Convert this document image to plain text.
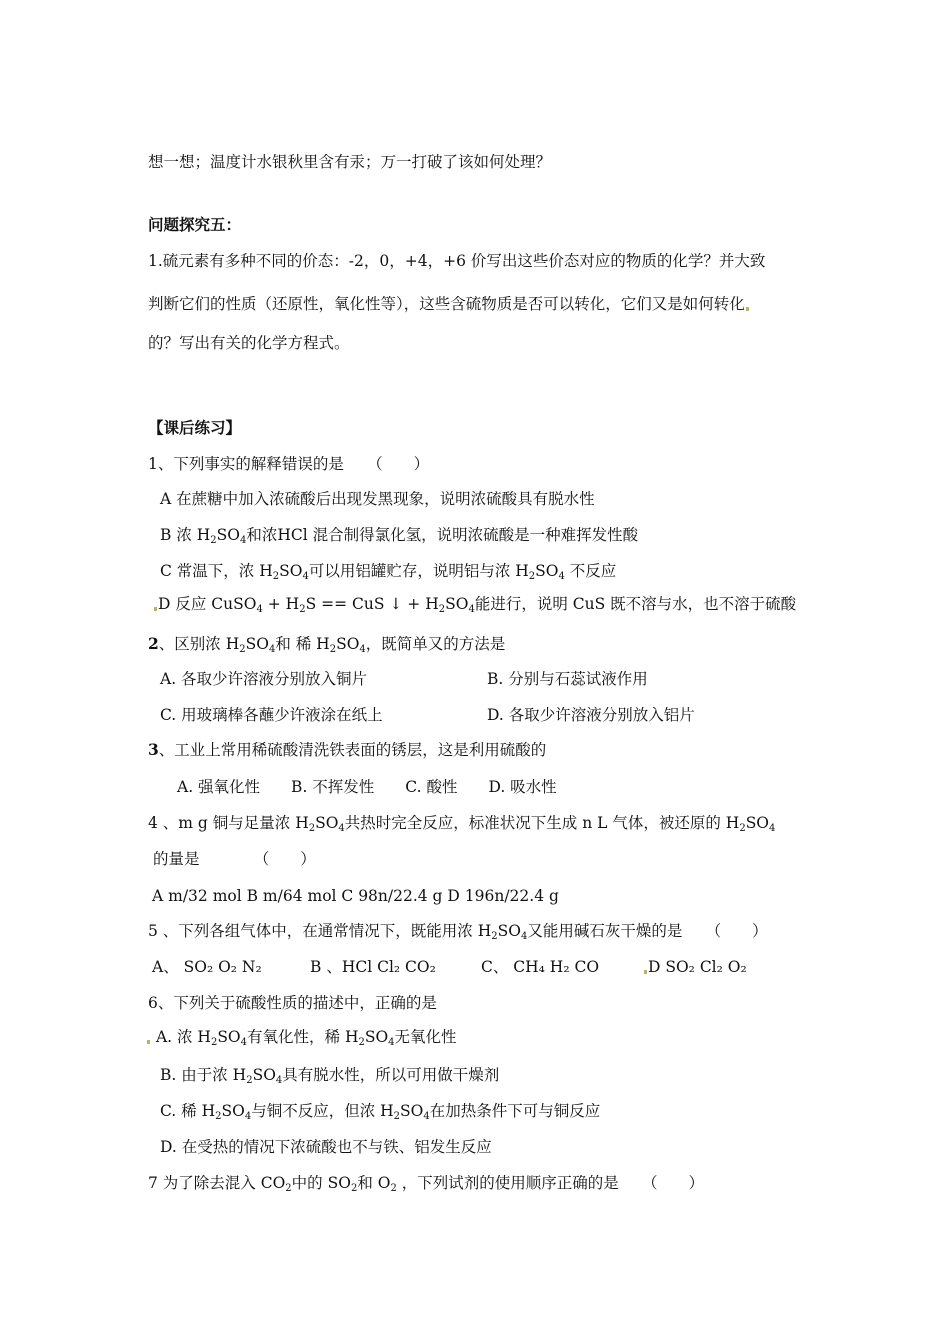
想一想；温度计水银秋里含有汞；万一打破了该如何处理？
问题探究五：
1.硫元素有多种不同的价态：-2，0，+4，+6 价写出这些价态对应的物质的化学？并大致
判断它们的性质（还原性，氧化性等），这些含硫物质是否可以转化，它们又是如何转化
的？写出有关的化学方程式。
【课后练习】
1、下列事实的解释错误的是　　（　　）
A 在蔗糖中加入浓硫酸后出现发黑现象，说明浓硫酸具有脱水性
B 浓 $H_2SO_4$和浓HCl 混合制得氯化氢，说明浓硫酸是一种难挥发性酸
C 常温下，浓 $H_2SO_4$可以用铝罐贮存，说明铝与浓 $H_2SO_4$ 不反应
D 反应 CuSO$_4$ + $H_2S$ == CuS ↓ + $H_2SO_4$能进行，说明 CuS 既不溶与水，也不溶于硫酸
2、区别浓 $H_2SO_4$和 稀 $H_2SO_4$，既简单又的方法是
A. 各取少许溶液分别放入铜片	B. 分别与石蕊试液作用
C. 用玻璃棒各蘸少许液涂在纸上	D. 各取少许溶液分别放入铝片
3、工业上常用稀硫酸清洗铁表面的锈层，这是利用硫酸的
A. 强氧化性　　B. 不挥发性　　C. 酸性　　D. 吸水性
4 、m g 铜与足量浓 $H_2SO_4$共热时完全反应，标准状况下生成 n L 气体，被还原的 $H_2SO_4$
的量是　　　　（　　）
A m/32 mol B m/64 mol C 98n/22.4 g D 196n/22.4 g
5 、下列各组气体中，在通常情况下，既能用浓 $H_2SO_4$又能用碱石灰干燥的是　　（　　）
A、 SO₂ O₂ N₂	B 、HCl Cl₂ CO₂	C、 CH₄ H₂ CO	D SO₂ Cl₂ O₂
6、下列关于硫酸性质的描述中，正确的是
A. 浓 $H_2SO_4$有氧化性，稀 $H_2SO_4$无氧化性
B. 由于浓 $H_2SO_4$具有脱水性，所以可用做干燥剂
C. 稀 $H_2SO_4$与铜不反应，但浓 $H_2SO_4$在加热条件下可与铜反应
D. 在受热的情况下浓硫酸也不与铁、铝发生反应
7 为了除去混入 $CO_2$中的 $SO_2$和 $O_2$ ，下列试剂的使用顺序正确的是　　（　　）
